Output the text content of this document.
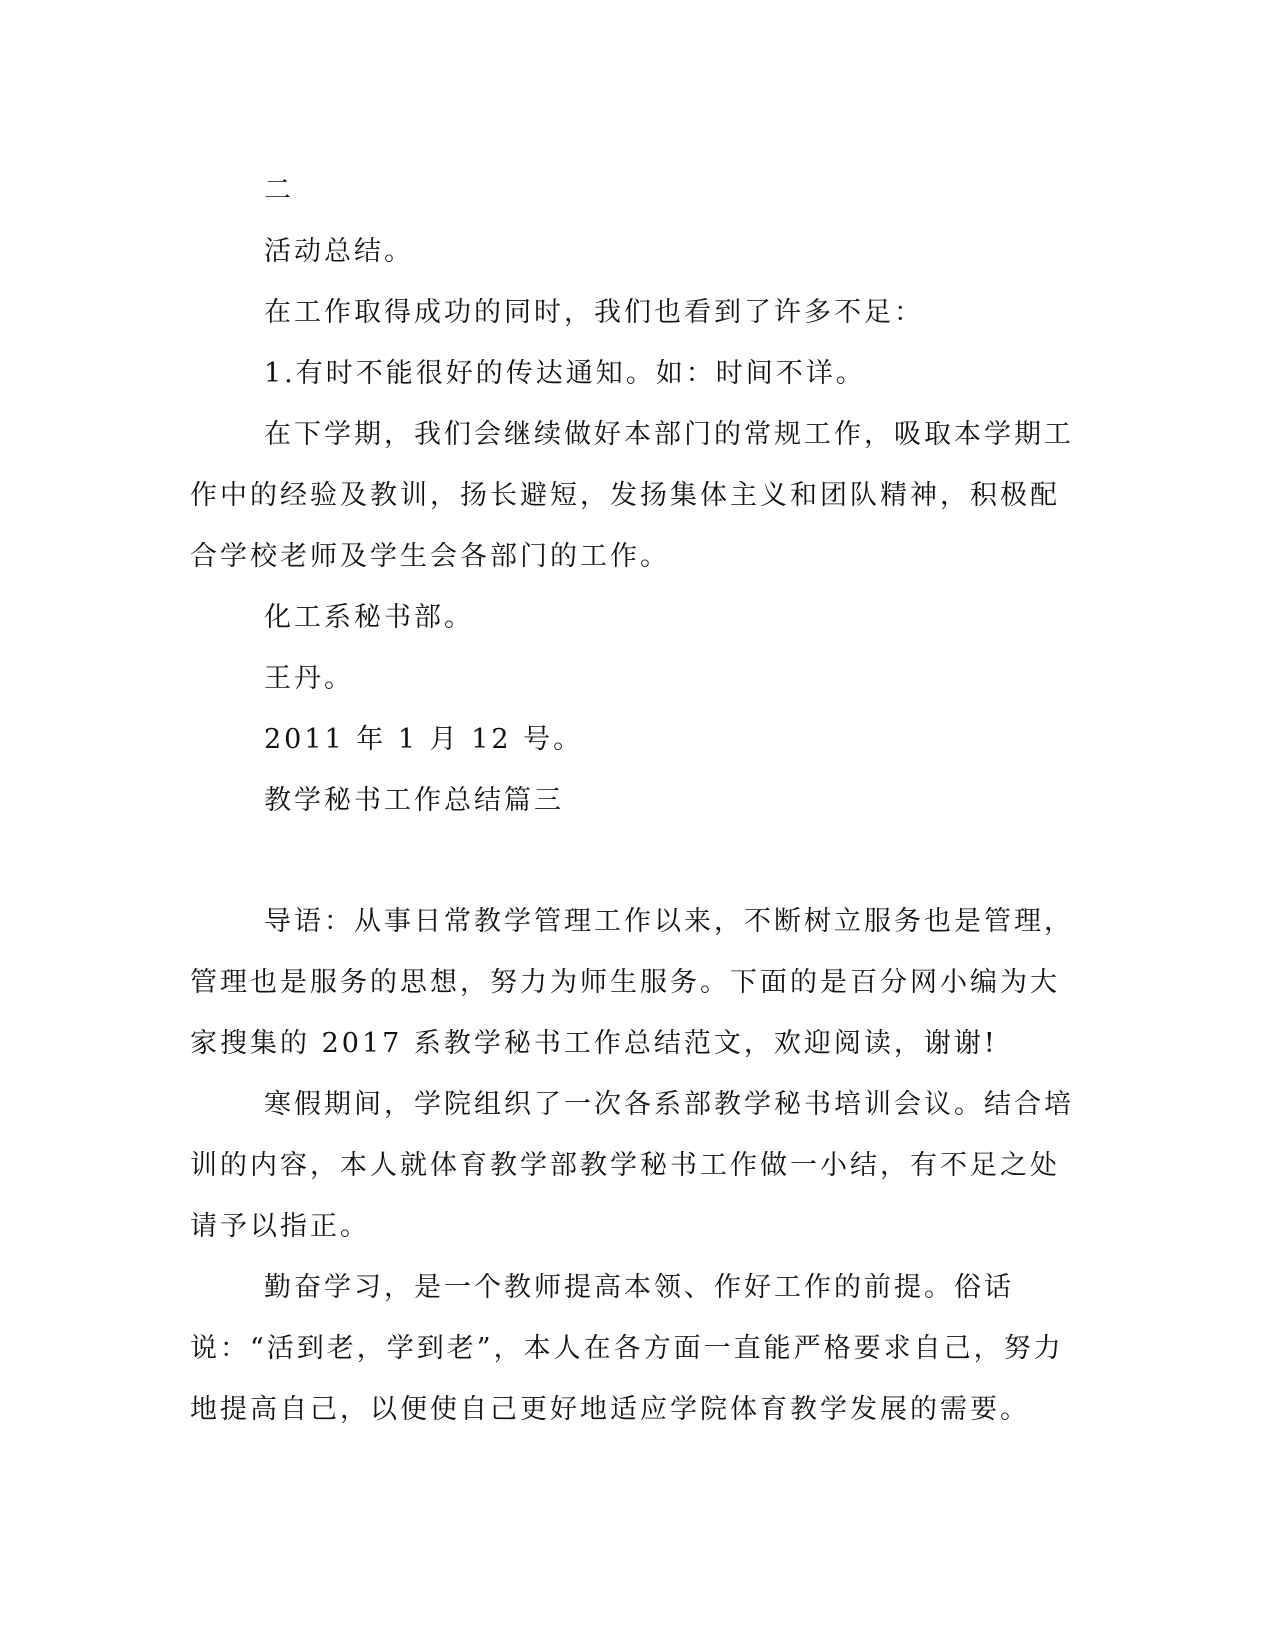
二

活动总结。

在工作取得成功的同时，我们也看到了许多不足：

1.有时不能很好的传达通知。如：时间不详。

在下学期，我们会继续做好本部门的常规工作，吸取本学期工作中的经验及教训，扬长避短，发扬集体主义和团队精神，积极配合学校老师及学生会各部门的工作。

化工系秘书部。

王丹。

2011 年 1 月 12 号。

教学秘书工作总结篇三

导语：从事日常教学管理工作以来，不断树立服务也是管理，管理也是服务的思想，努力为师生服务。下面的是百分网小编为大家搜集的 2017 系教学秘书工作总结范文，欢迎阅读，谢谢!

寒假期间，学院组织了一次各系部教学秘书培训会议。结合培训的内容，本人就体育教学部教学秘书工作做一小结，有不足之处请予以指正。

勤奋学习，是一个教师提高本领、作好工作的前提。俗话说：“活到老，学到老”，本人在各方面一直能严格要求自己，努力地提高自己，以便使自己更好地适应学院体育教学发展的需要。
